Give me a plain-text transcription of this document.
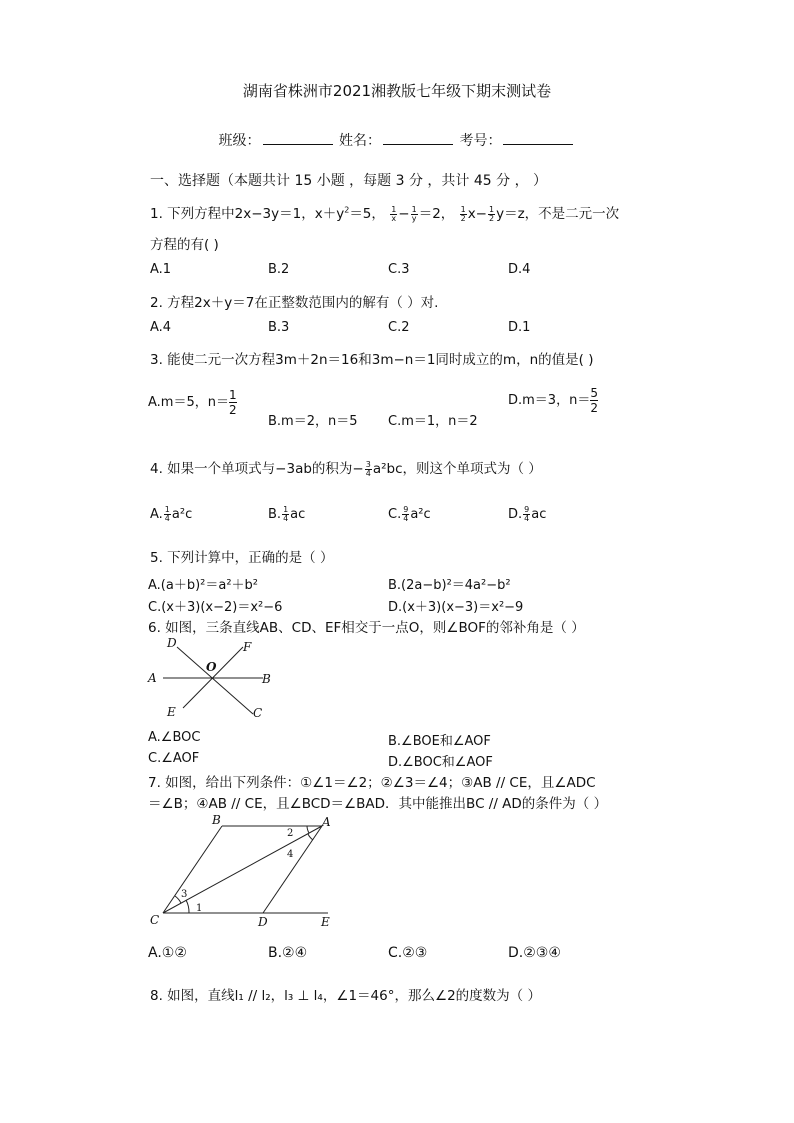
湖南省株洲市2021湘教版七年级下期末测试卷
班级：	姓名：	考号：
一、选择题（本题共计 15 小题 ，每题 3 分 ，共计 45 分 ， ）
1. 下列方程中2x−3y＝1，$x+y^2=5$， $\frac{1}{x} - \frac{1}{y} =2$， $\frac{1}{2} x- \frac{1}{2} y=z$，不是二元一次
方程的有( )
A.1	B.2	C.3	D.4
2. 方程2x＋y＝7在正整数范围内的解有（ ）对.
A.4	B.3	C.2	D.1
3. 能使二元一次方程3m＋2n＝16和3m−n＝1同时成立的m，n的值是( )
A.m＝5，$n= \frac{1}{2}$
B.m＝2，n＝5 C.m＝1，n＝2
D.m＝3，$n= \frac{5}{2}$
4. 如果一个单项式与−3ab的积为− $\frac{3}{4} a^2bc$，则这个单项式为（ ）
A. $\frac{1}{4} a^2c$	B. $\frac{1}{4}$ ac	C. $\frac{9}{4} a^2c$	D. $\frac{9}{4}$ ac
5. 下列计算中，正确的是（ ）
A.(a＋b)²＝a²＋b²	B.(2a−b)²＝4a²−b²
C.(x＋3)(x−2)＝x²−6	D.(x＋3)(x−3)＝x²−9
6. 如图，三条直线AB、CD、EF相交于一点O，则∠BOF的邻补角是（ ）
D	F
O
A	B
E	C
A.∠BOC	B.∠BOE和∠AOF
C.∠AOF	D.∠BOC和∠AOF
7. 如图，给出下列条件：①∠1＝∠2；②∠3＝∠4；③AB // CE，且∠ADC
＝∠B；④AB // CE，且∠BCD＝∠BAD．其中能推出BC // AD的条件为（ ）
B	A
C	D	E
1
2
3
4
A.①②	B.②④	C.②③	D.②③④
8. 如图，直线l₁ // l₂，l₃ ⊥ l₄，∠1＝46°，那么∠2的度数为（ ）
